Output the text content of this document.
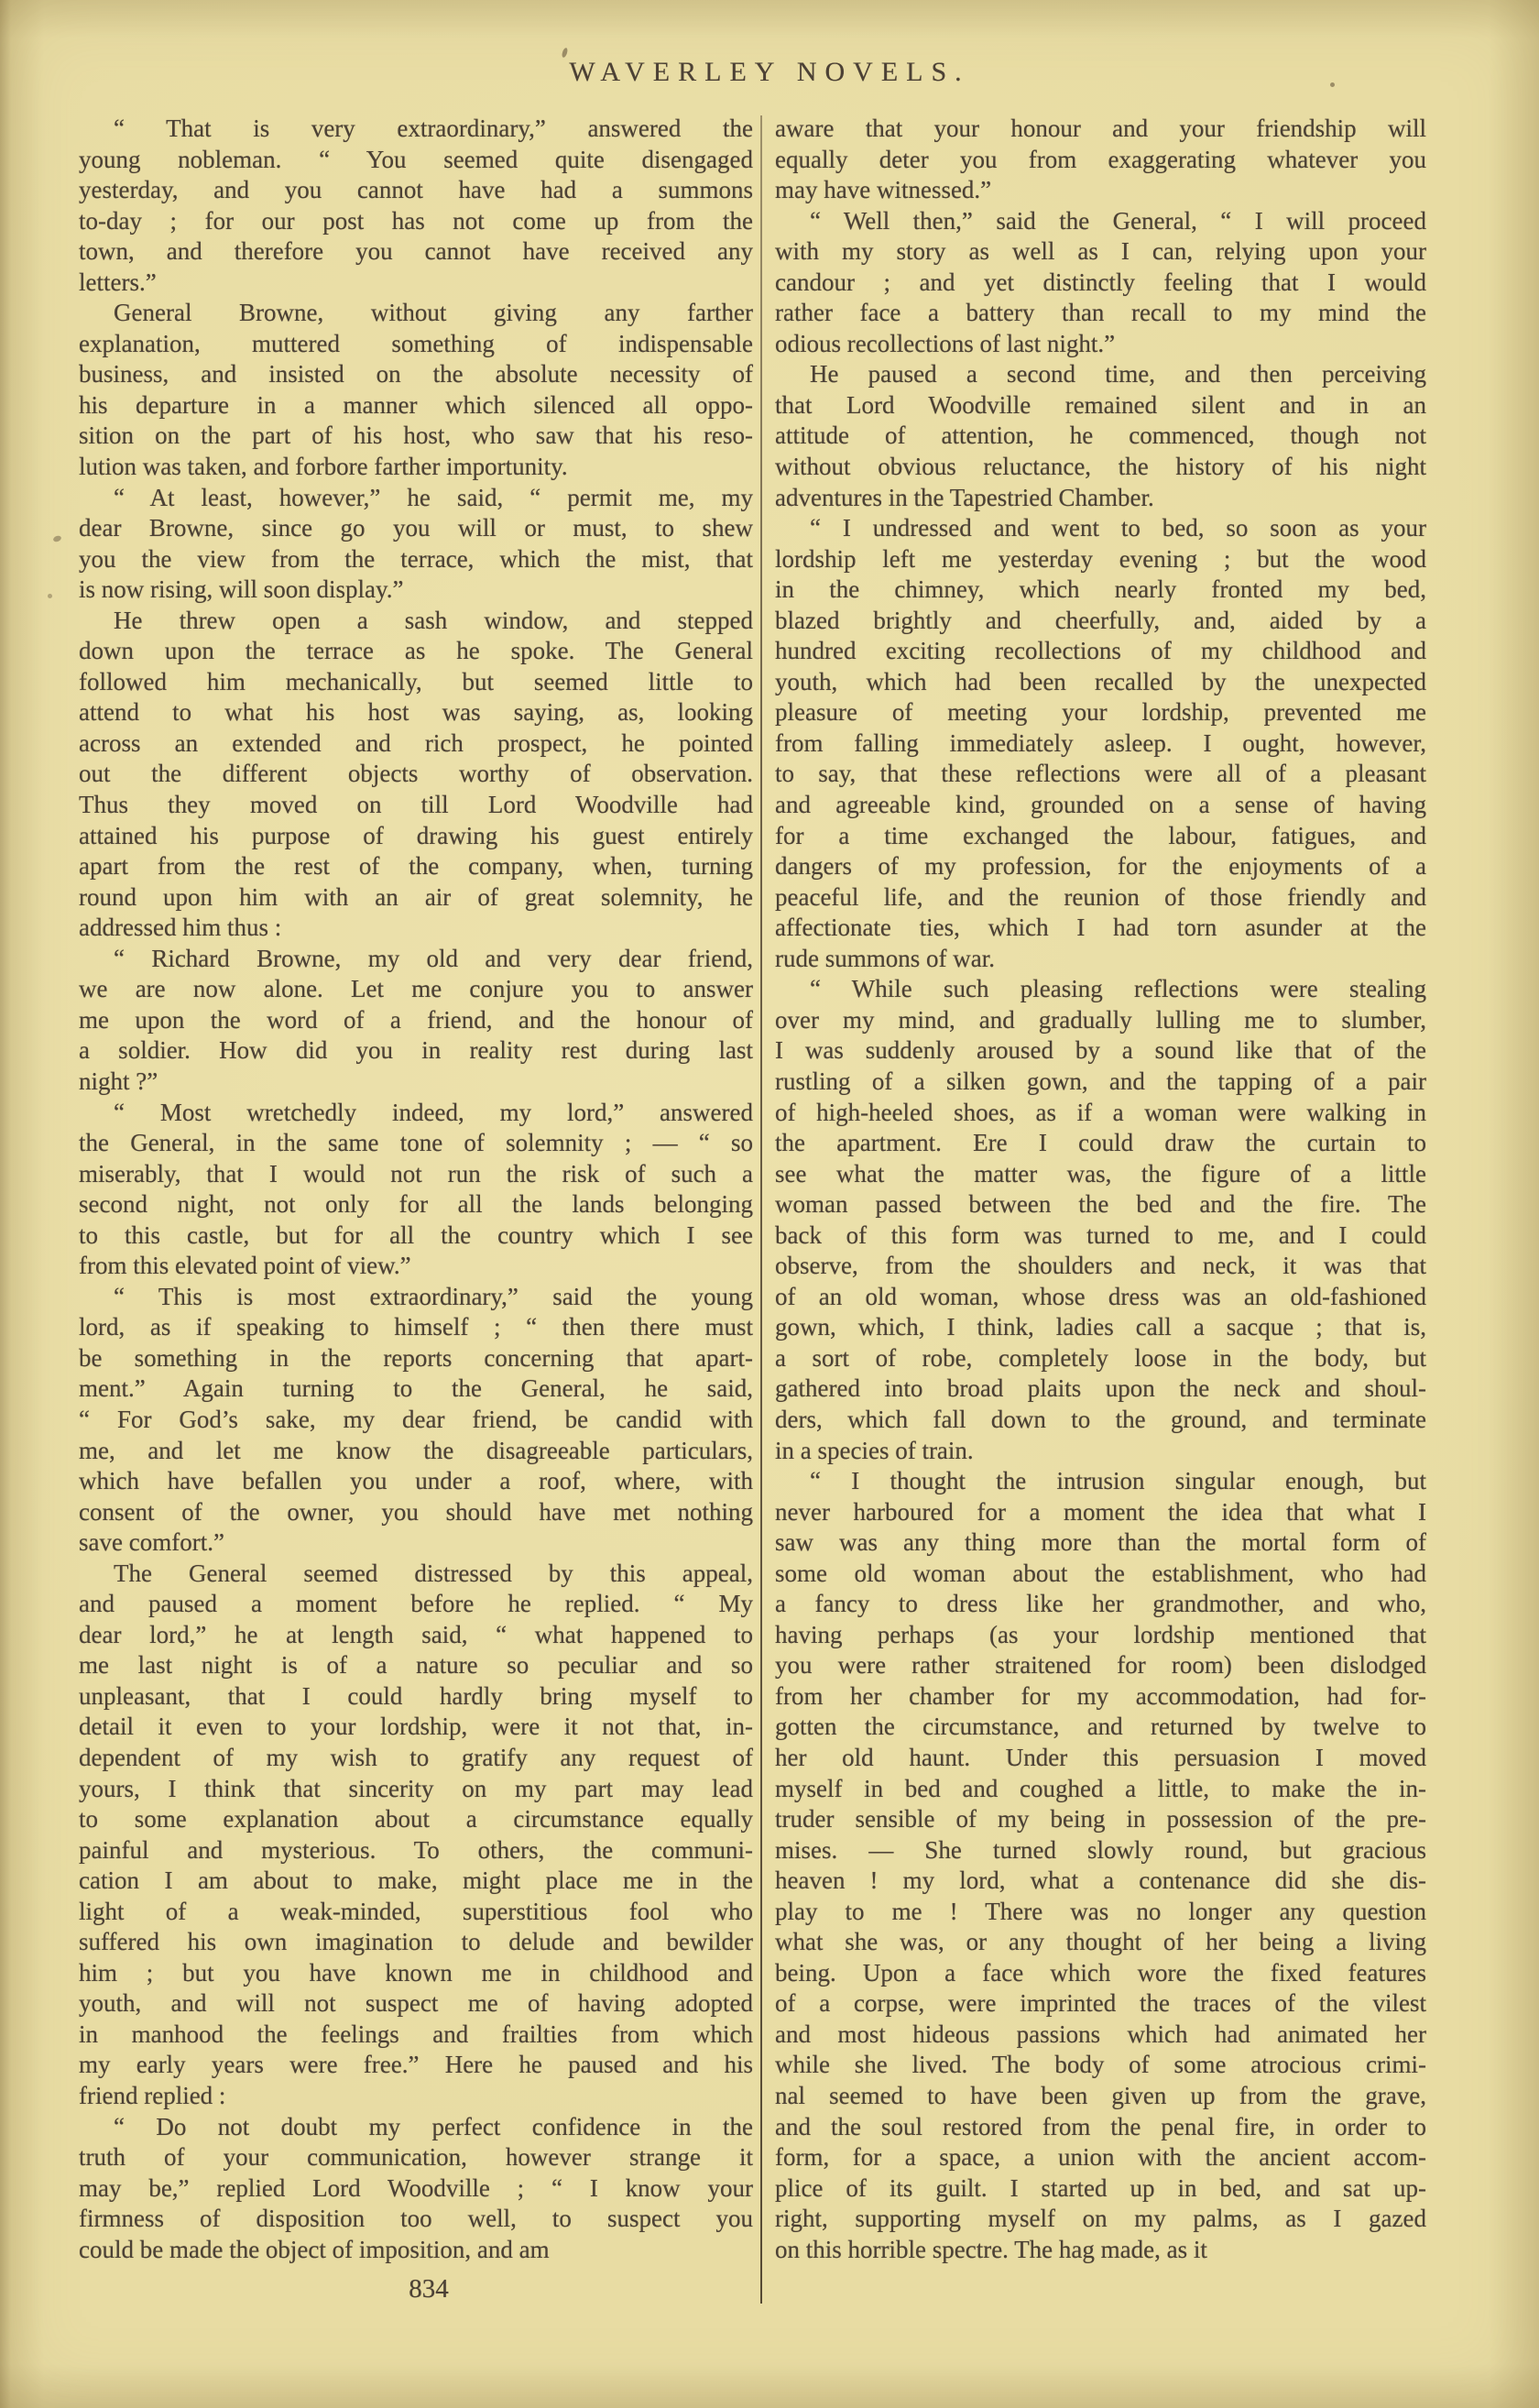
WAVERLEY NOVELS.
“ That is very extraordinary,” answered the
young nobleman. “ You seemed quite disengaged
yesterday, and you cannot have had a summons
to-day ; for our post has not come up from the
town, and therefore you cannot have received any
letters.”
General Browne, without giving any farther
explanation, muttered something of indispensable
business, and insisted on the absolute necessity of
his departure in a manner which silenced all oppo-
sition on the part of his host, who saw that his reso-
lution was taken, and forbore farther importunity.
“ At least, however,” he said, “ permit me, my
dear Browne, since go you will or must, to shew
you the view from the terrace, which the mist, that
is now rising, will soon display.”
He threw open a sash window, and stepped
down upon the terrace as he spoke. The General
followed him mechanically, but seemed little to
attend to what his host was saying, as, looking
across an extended and rich prospect, he pointed
out the different objects worthy of observation.
Thus they moved on till Lord Woodville had
attained his purpose of drawing his guest entirely
apart from the rest of the company, when, turning
round upon him with an air of great solemnity, he
addressed him thus :
“ Richard Browne, my old and very dear friend,
we are now alone. Let me conjure you to answer
me upon the word of a friend, and the honour of
a soldier. How did you in reality rest during last
night ?”
“ Most wretchedly indeed, my lord,” answered
the General, in the same tone of solemnity ; — “ so
miserably, that I would not run the risk of such a
second night, not only for all the lands belonging
to this castle, but for all the country which I see
from this elevated point of view.”
“ This is most extraordinary,” said the young
lord, as if speaking to himself ; “ then there must
be something in the reports concerning that apart-
ment.” Again turning to the General, he said,
“ For God’s sake, my dear friend, be candid with
me, and let me know the disagreeable particulars,
which have befallen you under a roof, where, with
consent of the owner, you should have met nothing
save comfort.”
The General seemed distressed by this appeal,
and paused a moment before he replied. “ My
dear lord,” he at length said, “ what happened to
me last night is of a nature so peculiar and so
unpleasant, that I could hardly bring myself to
detail it even to your lordship, were it not that, in-
dependent of my wish to gratify any request of
yours, I think that sincerity on my part may lead
to some explanation about a circumstance equally
painful and mysterious. To others, the communi-
cation I am about to make, might place me in the
light of a weak-minded, superstitious fool who
suffered his own imagination to delude and bewilder
him ; but you have known me in childhood and
youth, and will not suspect me of having adopted
in manhood the feelings and frailties from which
my early years were free.” Here he paused and his
friend replied :
“ Do not doubt my perfect confidence in the
truth of your communication, however strange it
may be,” replied Lord Woodville ; “ I know your
firmness of disposition too well, to suspect you
could be made the object of imposition, and am
aware that your honour and your friendship will
equally deter you from exaggerating whatever you
may have witnessed.”
“ Well then,” said the General, “ I will proceed
with my story as well as I can, relying upon your
candour ; and yet distinctly feeling that I would
rather face a battery than recall to my mind the
odious recollections of last night.”
He paused a second time, and then perceiving
that Lord Woodville remained silent and in an
attitude of attention, he commenced, though not
without obvious reluctance, the history of his night
adventures in the Tapestried Chamber.
“ I undressed and went to bed, so soon as your
lordship left me yesterday evening ; but the wood
in the chimney, which nearly fronted my bed,
blazed brightly and cheerfully, and, aided by a
hundred exciting recollections of my childhood and
youth, which had been recalled by the unexpected
pleasure of meeting your lordship, prevented me
from falling immediately asleep. I ought, however,
to say, that these reflections were all of a pleasant
and agreeable kind, grounded on a sense of having
for a time exchanged the labour, fatigues, and
dangers of my profession, for the enjoyments of a
peaceful life, and the reunion of those friendly and
affectionate ties, which I had torn asunder at the
rude summons of war.
“ While such pleasing reflections were stealing
over my mind, and gradually lulling me to slumber,
I was suddenly aroused by a sound like that of the
rustling of a silken gown, and the tapping of a pair
of high-heeled shoes, as if a woman were walking in
the apartment. Ere I could draw the curtain to
see what the matter was, the figure of a little
woman passed between the bed and the fire. The
back of this form was turned to me, and I could
observe, from the shoulders and neck, it was that
of an old woman, whose dress was an old-fashioned
gown, which, I think, ladies call a sacque ; that is,
a sort of robe, completely loose in the body, but
gathered into broad plaits upon the neck and shoul-
ders, which fall down to the ground, and terminate
in a species of train.
“ I thought the intrusion singular enough, but
never harboured for a moment the idea that what I
saw was any thing more than the mortal form of
some old woman about the establishment, who had
a fancy to dress like her grandmother, and who,
having perhaps (as your lordship mentioned that
you were rather straitened for room) been dislodged
from her chamber for my accommodation, had for-
gotten the circumstance, and returned by twelve to
her old haunt. Under this persuasion I moved
myself in bed and coughed a little, to make the in-
truder sensible of my being in possession of the pre-
mises. — She turned slowly round, but gracious
heaven ! my lord, what a contenance did she dis-
play to me ! There was no longer any question
what she was, or any thought of her being a living
being. Upon a face which wore the fixed features
of a corpse, were imprinted the traces of the vilest
and most hideous passions which had animated her
while she lived. The body of some atrocious crimi-
nal seemed to have been given up from the grave,
and the soul restored from the penal fire, in order to
form, for a space, a union with the ancient accom-
plice of its guilt. I started up in bed, and sat up-
right, supporting myself on my palms, as I gazed
on this horrible spectre. The hag made, as it
834
